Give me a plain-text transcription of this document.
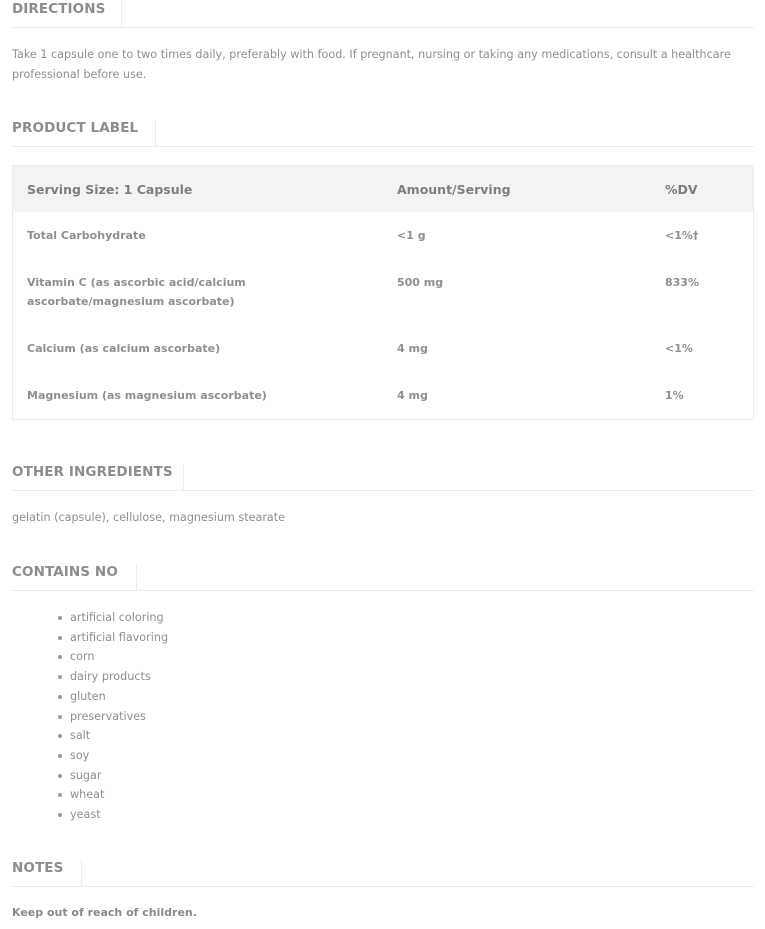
DIRECTIONS

Take 1 capsule one to two times daily, preferably with food. If pregnant, nursing or taking any medications, consult a healthcare professional before use.

PRODUCT LABEL
Serving Size: 1 Capsule	Amount/Serving	%DV
Total Carbohydrate	<1 g	<1%†
Vitamin C (as ascorbic acid/calcium ascorbate/magnesium ascorbate)	500 mg	833%
Calcium (as calcium ascorbate)	4 mg	<1%
Magnesium (as magnesium ascorbate)	4 mg	1%
OTHER INGREDIENTS

gelatin (capsule), cellulose, magnesium stearate

CONTAINS NO
artificial coloring
artificial flavoring
corn
dairy products
gluten
preservatives
salt
soy
sugar
wheat
yeast
NOTES

Keep out of reach of children.
